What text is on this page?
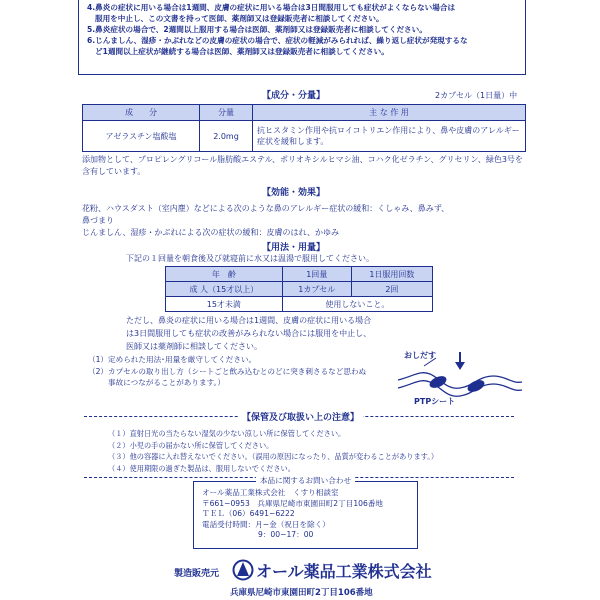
4.鼻炎の症状に用いる場合は1週間、皮膚の症状に用いる場合は3日間服用しても症状がよくならない場合は

服用を中止し、この文書を持って医師、薬剤師又は登録販売者に相談してください。

5.鼻炎症状の場合で、2週間以上服用する場合は医師、薬剤師又は登録販売者に相談してください。

6.じんましん、湿疹・かぶれなどの皮膚の症状の場合で、症状の軽減がみられれば、繰り返し症状が発現するな

ど1週間以上症状が継続する場合は医師、薬剤師又は登録販売者に相談してください。

【 成分・分量 】	2カプセル（1日量）中
成　　分	分量	主 な 作 用
アゼラスチン塩酸塩	2.0mg	抗ヒスタミン作用や抗ロイコトリエン作用により、鼻や皮膚のアレルギー症状を緩和します。
添加物として、プロピレングリコール脂肪酸エステル、ポリオキシルヒマシ油、コハク化ゼラチン、グリセリン、緑色3号を含有しています。
【 効能・効果 】
花粉、ハウスダスト（室内塵）などによる次のような鼻のアレルギー症状の緩和：くしゃみ、鼻みず、
鼻づまり
じんましん、湿疹・かぶれによる次の症状の緩和：皮膚のはれ、かゆみ
【 用法・用量 】
下記の１回量を朝食後及び就寝前に水又は温湯で服用してください。
年　齢	1回量	1日服用回数
成 人（15才以上）	1カプセル	2回
15才未満	使用しないこと。	
ただし、鼻炎の症状に用いる場合は1週間、皮膚の症状に用いる場合
は3日間服用しても症状の改善がみられない場合には服用を中止し、
医師又は薬剤師に相談してください。
（1）定められた用法･用量を厳守してください。
（2）カプセルの取り出し方（シートごと飲み込むとのどに突き刺さるなど思わぬ
事故につながることがあります。）
おしだす
PTPシート
【 保管及び取扱い上の注意 】
（１）直射日光の当たらない湿気の少ない涼しい所に保管してください。
（２）小児の手の届かない所に保管してください。
（３）他の容器に入れ替えないでください。（誤用の原因になったり、品質が変わることがあります。）
（４）使用期限の過ぎた製品は、服用しないでください。
本品に関するお問い合わせ
オール薬品工業株式会社　くすり相談室
〒661−0953　兵庫県尼崎市東園田町2丁目106番地
ＴＥＬ（06）6491−6222
電話受付時間：月−金（祝日を除く）
9：00−17：00
製造販売元 オール薬品工業株式会社
兵庫県尼崎市東園田町2丁目106番地
